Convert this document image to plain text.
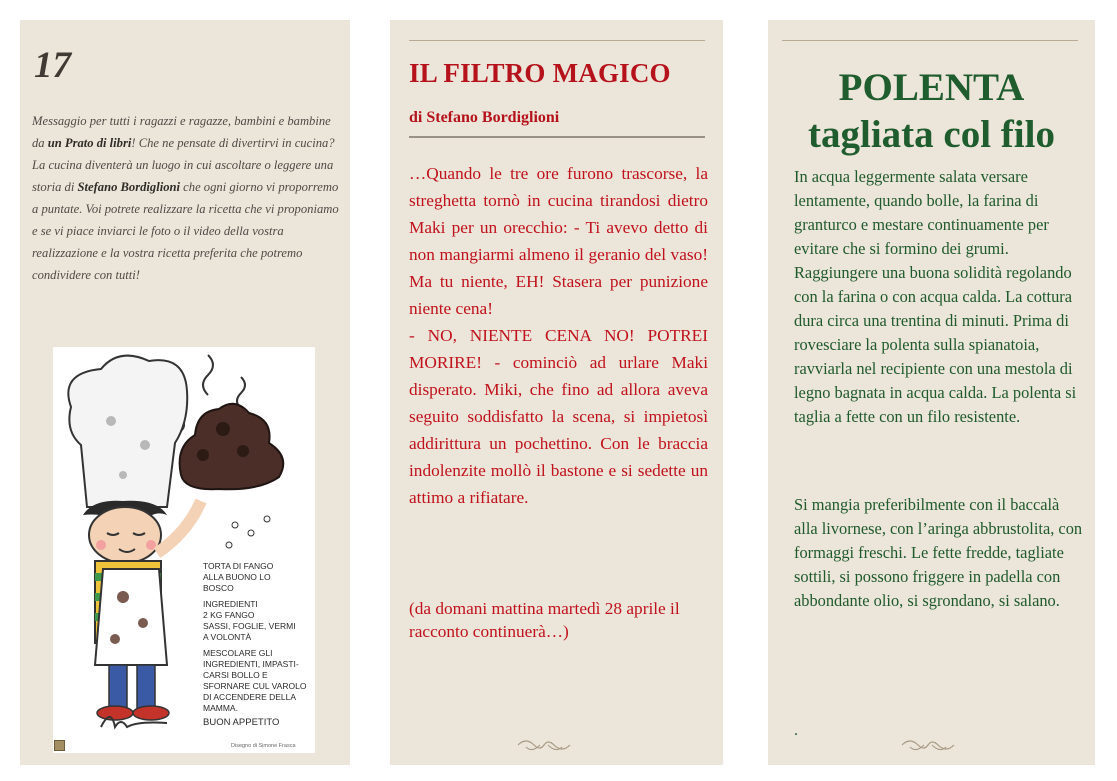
17
Messaggio per tutti i ragazzi e ragazze, bambini e bambine da un Prato di libri! Che ne pensate di divertirvi in cucina? La cucina diventerà un luogo in cui ascoltare o leggere una storia di Stefano Bordiglioni che ogni giorno vi proporremo a puntate. Voi potrete realizzare la ricetta che vi proponiamo e se vi piace inviarci le foto o il video della vostra realizzazione e la vostra ricetta preferita che potremo condividere con tutti!
TORTA DI FANGO
ALLA BUONO LO
BOSCO
INGREDIENTI
2 KG FANGO
SASSI, FOGLIE, VERMI
A VOLONTÀ
MESCOLARE GLI
INGREDIENTI, IMPASTI-
CARSI BOLLO E
SFORNARE CUL VAROLO
DI ACCENDERE DELLA
MAMMA.
BUON APPETITO
Disegno di Simone Frasca
IL FILTRO MAGICO
di Stefano Bordiglioni

…Quando le tre ore furono trascorse, la streghetta tornò in cucina tirandosi dietro Maki per un orecchio: - Ti avevo detto di non mangiarmi almeno il geranio del vaso! Ma tu niente, EH! Stasera per punizione niente cena!

- NO, NIENTE CENA NO! POTREI MORIRE! - cominciò ad urlare Maki disperato. Miki, che fino ad allora aveva seguito soddisfatto la scena, si impietosì addirittura un pochettino. Con le braccia indolenzite mollò il bastone e si sedette un attimo a rifiatare.

(da domani mattina martedì 28 aprile il racconto continuerà…)
POLENTA
tagliata col filo
In acqua leggermente salata versare lentamente, quando bolle, la farina di granturco e mestare continuamente per evitare che si formino dei grumi. Raggiungere una buona solidità regolando con la farina o con acqua calda. La cottura dura circa una trentina di minuti. Prima di rovesciare la polenta sulla spianatoia, ravviarla nel recipiente con una mestola di legno bagnata in acqua calda. La polenta si taglia a fette con un filo resistente.
Si mangia preferibilmente con il baccalà alla livornese, con l’aringa abbrustolita, con formaggi freschi. Le fette fredde, tagliate sottili, si possono friggere in padella con abbondante olio, si sgrondano, si salano.
.
